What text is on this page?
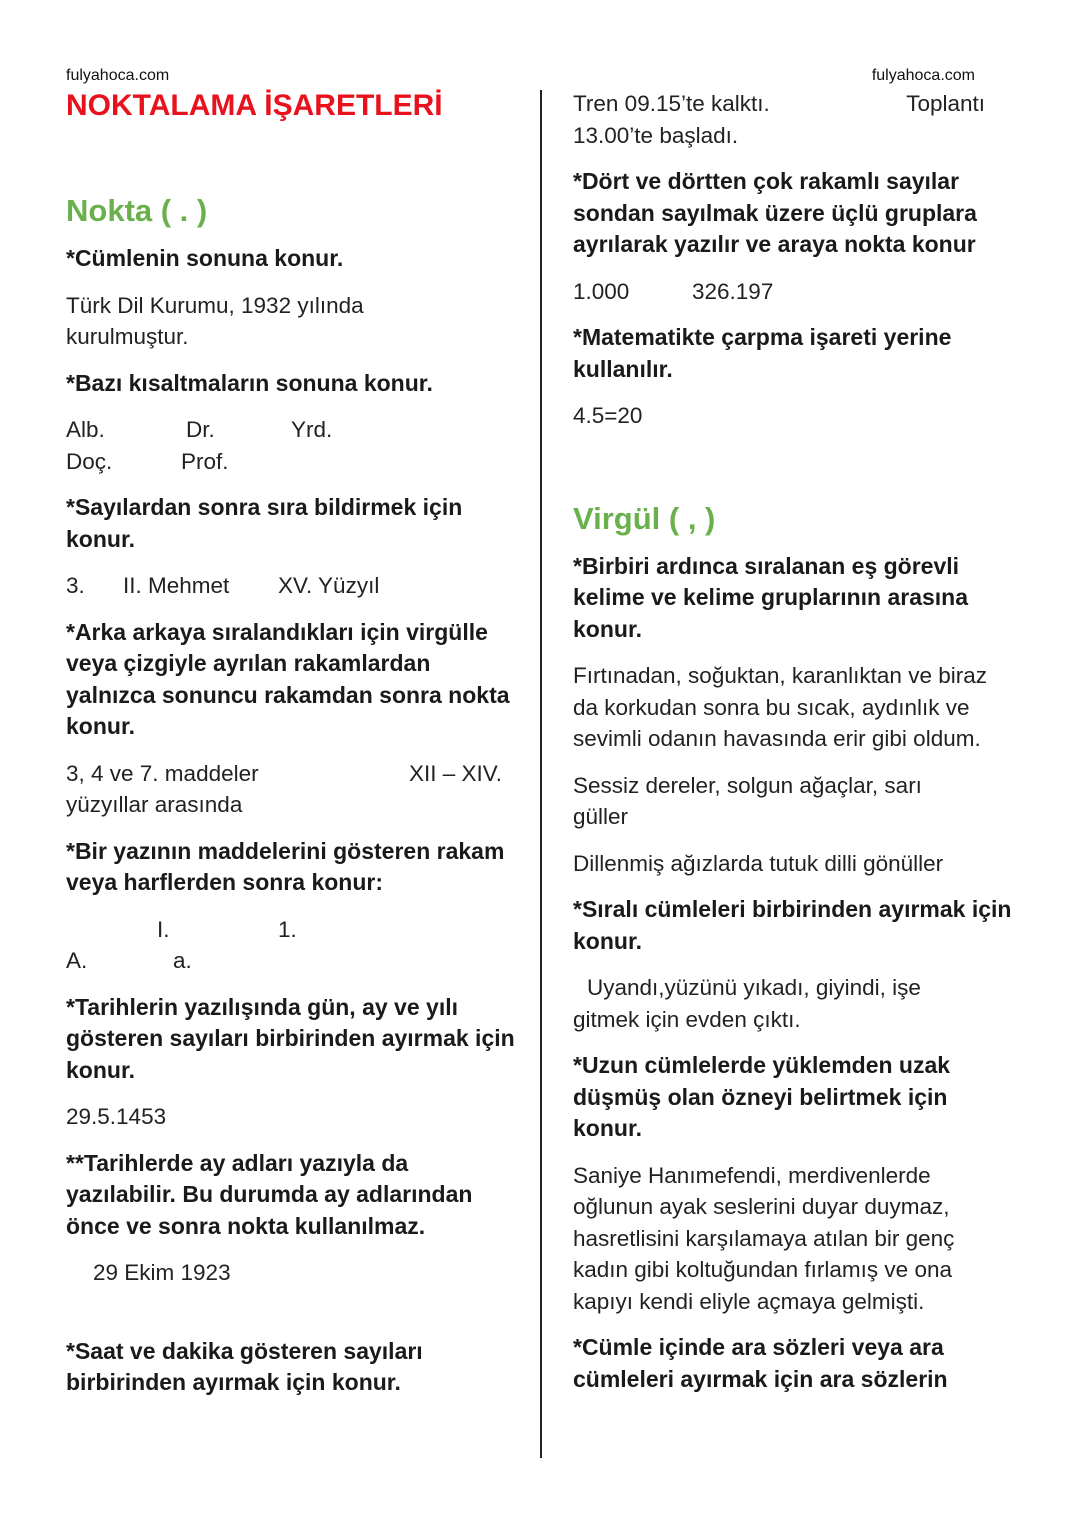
fulyahoca.com	fulyahoca.com
NOKTALAMA İŞARETLERİ
Nokta ( . )

*Cümlenin sonuna konur.

Türk Dil Kurumu, 1932 yılında kurulmuştur.

*Bazı kısaltmaların sonuna konur.

Alb.	Dr.	Yrd.
Doç.	Prof.

*Sayılardan sonra sıra bildirmek için konur.

3.	II. Mehmet	XV. Yüzyıl

*Arka arkaya sıralandıkları için virgülle veya çizgiyle ayrılan rakamlardan yalnızca sonuncu rakamdan sonra nokta konur.

3, 4 ve 7. maddeler	XII – XIV.

yüzyıllar arasında

*Bir yazının maddelerini gösteren rakam veya harflerden sonra konur:

I.	1.
A.	a.

*Tarihlerin yazılışında gün, ay ve yılı gösteren sayıları birbirinden ayırmak için konur.

29.5.1453

**Tarihlerde ay adları yazıyla da yazılabilir. Bu durumda ay adlarından önce ve sonra nokta kullanılmaz.

29 Ekim 1923

*Saat ve dakika gösteren sayıları birbirinden ayırmak için konur.

Tren 09.15’te kalktı.	Toplantı

13.00’te başladı.

*Dört ve dörtten çok rakamlı sayılar sondan sayılmak üzere üçlü gruplara ayrılarak yazılır ve araya nokta konur

1.000	326.197

*Matematikte çarpma işareti yerine kullanılır.

4.5=20

Virgül ( , )

*Birbiri ardınca sıralanan eş görevli kelime ve kelime gruplarının arasına konur.

Fırtınadan, soğuktan, karanlıktan ve biraz da korkudan sonra bu sıcak, aydınlık ve sevimli odanın havasında erir gibi oldum.

Sessiz dereler, solgun ağaçlar, sarı güller

Dillenmiş ağızlarda tutuk dilli gönüller

*Sıralı cümleleri birbirinden ayırmak için konur.

Uyandı,yüzünü yıkadı, giyindi, işe gitmek için evden çıktı.

*Uzun cümlelerde yüklemden uzak düşmüş olan özneyi belirtmek için konur.

Saniye Hanımefendi, merdivenlerde oğlunun ayak seslerini duyar duymaz, hasretlisini karşılamaya atılan bir genç kadın gibi koltuğundan fırlamış ve ona kapıyı kendi eliyle açmaya gelmişti.

*Cümle içinde ara sözleri veya ara cümleleri ayırmak için ara sözlerin
